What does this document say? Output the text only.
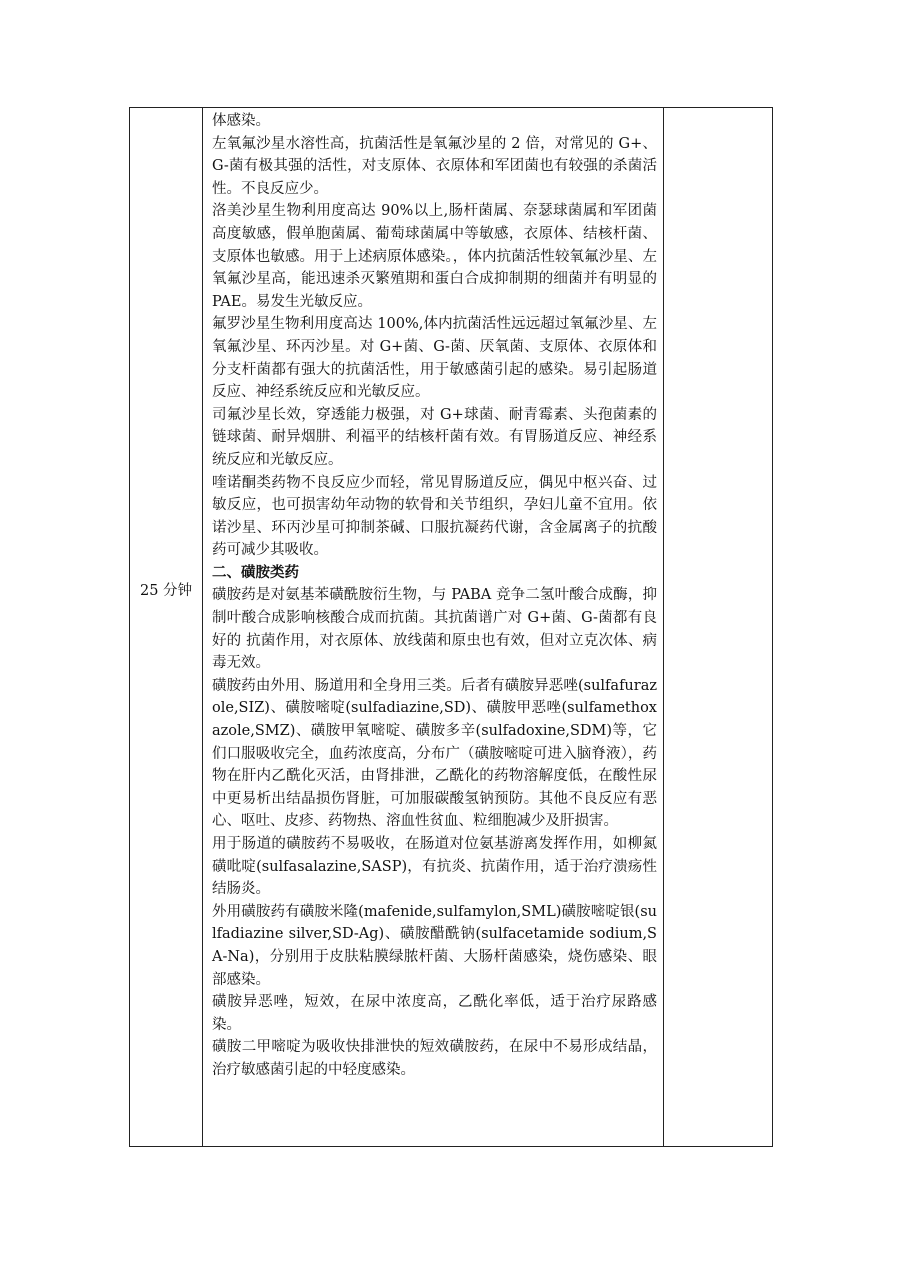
25 分钟

体感染。

左氧氟沙星水溶性高，抗菌活性是氧氟沙星的 2 倍，对常见的 G+、G-菌有极其强的活性，对支原体、衣原体和军团菌也有较强的杀菌活性。不良反应少。

洛美沙星生物利用度高达 90%以上,肠杆菌属、奈瑟球菌属和军团菌高度敏感，假单胞菌属、葡萄球菌属中等敏感，衣原体、结核杆菌、支原体也敏感。用于上述病原体感染。，体内抗菌活性较氧氟沙星、左氧氟沙星高，能迅速杀灭繁殖期和蛋白合成抑制期的细菌并有明显的 PAE。易发生光敏反应。

氟罗沙星生物利用度高达 100%,体内抗菌活性远远超过氧氟沙星、左氧氟沙星、环丙沙星。对 G+菌、G-菌、厌氧菌、支原体、衣原体和分支杆菌都有强大的抗菌活性，用于敏感菌引起的感染。易引起肠道反应、神经系统反应和光敏反应。

司氟沙星长效，穿透能力极强，对 G+球菌、耐青霉素、头孢菌素的链球菌、耐异烟肼、利福平的结核杆菌有效。有胃肠道反应、神经系统反应和光敏反应。

喹诺酮类药物不良反应少而轻，常见胃肠道反应，偶见中枢兴奋、过敏反应，也可损害幼年动物的软骨和关节组织，孕妇儿童不宜用。依诺沙星、环丙沙星可抑制茶碱、口服抗凝药代谢，含金属离子的抗酸药可减少其吸收。

二、磺胺类药

磺胺药是对氨基苯磺酰胺衍生物，与 PABA 竞争二氢叶酸合成酶，抑制叶酸合成影响核酸合成而抗菌。其抗菌谱广对 G+菌、G-菌都有良好的 抗菌作用，对衣原体、放线菌和原虫也有效，但对立克次体、病毒无效。

磺胺药由外用、肠道用和全身用三类。后者有磺胺异恶唑(sulfafurazole,SIZ)、磺胺嘧啶(sulfadiazine,SD)、磺胺甲恶唑(sulfamethoxazole,SMZ)、磺胺甲氧嘧啶、磺胺多辛(sulfadoxine,SDM)等，它们口服吸收完全，血药浓度高，分布广（磺胺嘧啶可进入脑脊液），药物在肝内乙酰化灭活，由肾排泄，乙酰化的药物溶解度低，在酸性尿中更易析出结晶损伤肾脏，可加服碳酸氢钠预防。其他不良反应有恶心、呕吐、皮疹、药物热、溶血性贫血、粒细胞减少及肝损害。

用于肠道的磺胺药不易吸收，在肠道对位氨基游离发挥作用，如柳氮磺吡啶(sulfasalazine,SASP)，有抗炎、抗菌作用，适于治疗溃疡性结肠炎。

外用磺胺药有磺胺米隆(mafenide,sulfamylon,SML)磺胺嘧啶银(sulfadiazine silver,SD-Ag)、磺胺醋酰钠(sulfacetamide sodium,SA-Na)，分别用于皮肤粘膜绿脓杆菌、大肠杆菌感染，烧伤感染、眼部感染。

磺胺异恶唑，短效，在尿中浓度高，乙酰化率低，适于治疗尿路感染。

磺胺二甲嘧啶为吸收快排泄快的短效磺胺药，在尿中不易形成结晶，治疗敏感菌引起的中轻度感染。
